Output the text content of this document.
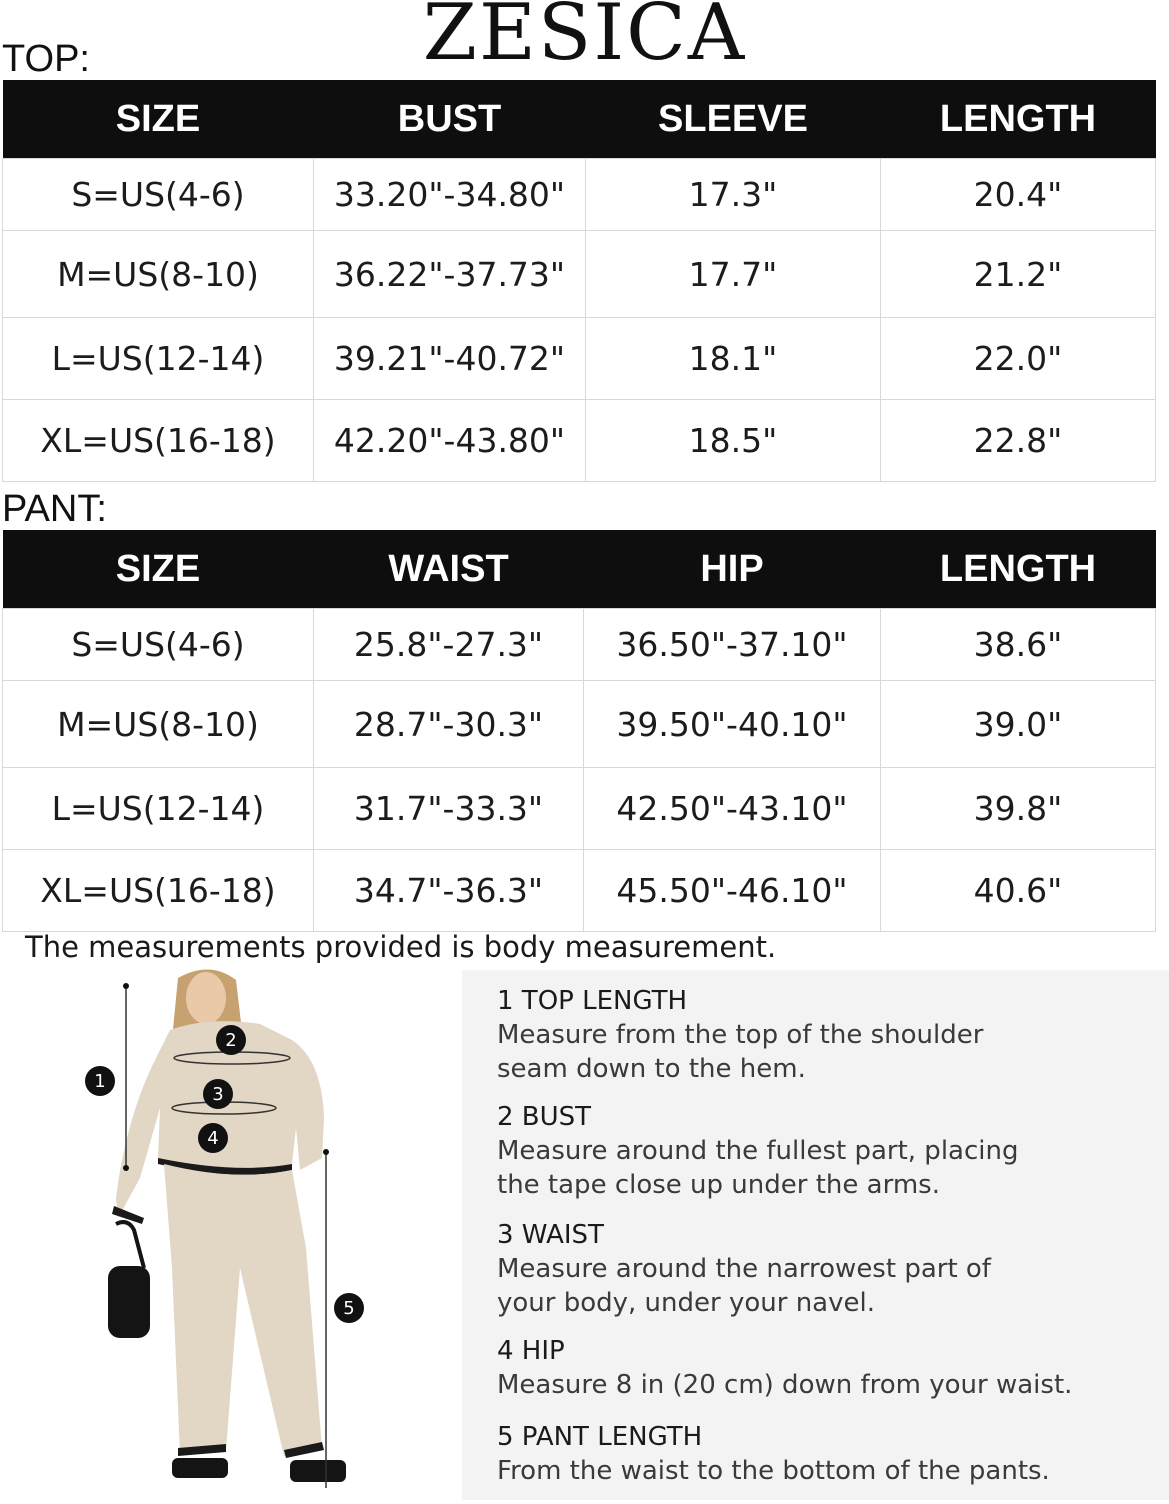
ZESICA
TOP:
SIZE	BUST	SLEEVE	LENGTH
S=US(4-6)	33.20"-34.80"	17.3"	20.4"
M=US(8-10)	36.22"-37.73"	17.7"	21.2"
L=US(12-14)	39.21"-40.72"	18.1"	22.0"
XL=US(16-18)	42.20"-43.80"	18.5"	22.8"
PANT:
SIZE	WAIST	HIP	LENGTH
S=US(4-6)	25.8"-27.3"	36.50"-37.10"	38.6"
M=US(8-10)	28.7"-30.3"	39.50"-40.10"	39.0"
L=US(12-14)	31.7"-33.3"	42.50"-43.10"	39.8"
XL=US(16-18)	34.7"-36.3"	45.50"-46.10"	40.6"
The measurements provided is body measurement.
1
2
3
4
5
1 TOP LENGTH
Measure from the top of the shoulder
seam down to the hem.
2 BUST
Measure around the fullest part, placing
the tape close up under the arms.
3 WAIST
Measure around the narrowest part of
your body, under your navel.
4 HIP
Measure 8 in (20 cm) down from your waist.
5 PANT LENGTH
From the waist to the bottom of the pants.
